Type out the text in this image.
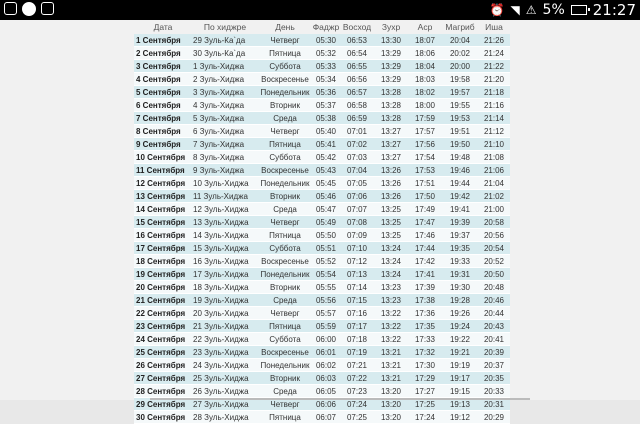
⏰ ◥ ⚠ 5% 21:27
Дата	По хиджре	День	Фаджр	Восход	Зухр	Аср	Магриб	Иша
1 Сентября	29 Зуль-Ка`да	Четверг	05:30	06:53	13:30	18:07	20:04	21:26
2 Сентября	30 Зуль-Ка`да	Пятница	05:32	06:54	13:29	18:06	20:02	21:24
3 Сентября	1 Зуль-Хиджа	Суббота	05:33	06:55	13:29	18:04	20:00	21:22
4 Сентября	2 Зуль-Хиджа	Воскресенье	05:34	06:56	13:29	18:03	19:58	21:20
5 Сентября	3 Зуль-Хиджа	Понедельник	05:36	06:57	13:28	18:02	19:57	21:18
6 Сентября	4 Зуль-Хиджа	Вторник	05:37	06:58	13:28	18:00	19:55	21:16
7 Сентября	5 Зуль-Хиджа	Среда	05:38	06:59	13:28	17:59	19:53	21:14
8 Сентября	6 Зуль-Хиджа	Четверг	05:40	07:01	13:27	17:57	19:51	21:12
9 Сентября	7 Зуль-Хиджа	Пятница	05:41	07:02	13:27	17:56	19:50	21:10
10 Сентября	8 Зуль-Хиджа	Суббота	05:42	07:03	13:27	17:54	19:48	21:08
11 Сентября	9 Зуль-Хиджа	Воскресенье	05:43	07:04	13:26	17:53	19:46	21:06
12 Сентября	10 Зуль-Хиджа	Понедельник	05:45	07:05	13:26	17:51	19:44	21:04
13 Сентября	11 Зуль-Хиджа	Вторник	05:46	07:06	13:26	17:50	19:42	21:02
14 Сентября	12 Зуль-Хиджа	Среда	05:47	07:07	13:25	17:49	19:41	21:00
15 Сентября	13 Зуль-Хиджа	Четверг	05:49	07:08	13:25	17:47	19:39	20:58
16 Сентября	14 Зуль-Хиджа	Пятница	05:50	07:09	13:25	17:46	19:37	20:56
17 Сентября	15 Зуль-Хиджа	Суббота	05:51	07:10	13:24	17:44	19:35	20:54
18 Сентября	16 Зуль-Хиджа	Воскресенье	05:52	07:12	13:24	17:42	19:33	20:52
19 Сентября	17 Зуль-Хиджа	Понедельник	05:54	07:13	13:24	17:41	19:31	20:50
20 Сентября	18 Зуль-Хиджа	Вторник	05:55	07:14	13:23	17:39	19:30	20:48
21 Сентября	19 Зуль-Хиджа	Среда	05:56	07:15	13:23	17:38	19:28	20:46
22 Сентября	20 Зуль-Хиджа	Четверг	05:57	07:16	13:22	17:36	19:26	20:44
23 Сентября	21 Зуль-Хиджа	Пятница	05:59	07:17	13:22	17:35	19:24	20:43
24 Сентября	22 Зуль-Хиджа	Суббота	06:00	07:18	13:22	17:33	19:22	20:41
25 Сентября	23 Зуль-Хиджа	Воскресенье	06:01	07:19	13:21	17:32	19:21	20:39
26 Сентября	24 Зуль-Хиджа	Понедельник	06:02	07:21	13:21	17:30	19:19	20:37
27 Сентября	25 Зуль-Хиджа	Вторник	06:03	07:22	13:21	17:29	19:17	20:35
28 Сентября	26 Зуль-Хиджа	Среда	06:05	07:23	13:20	17:27	19:15	20:33
29 Сентября	27 Зуль-Хиджа	Четверг	06:06	07:24	13:20	17:25	19:13	20:31
30 Сентября	28 Зуль-Хиджа	Пятница	06:07	07:25	13:20	17:24	19:12	20:29
